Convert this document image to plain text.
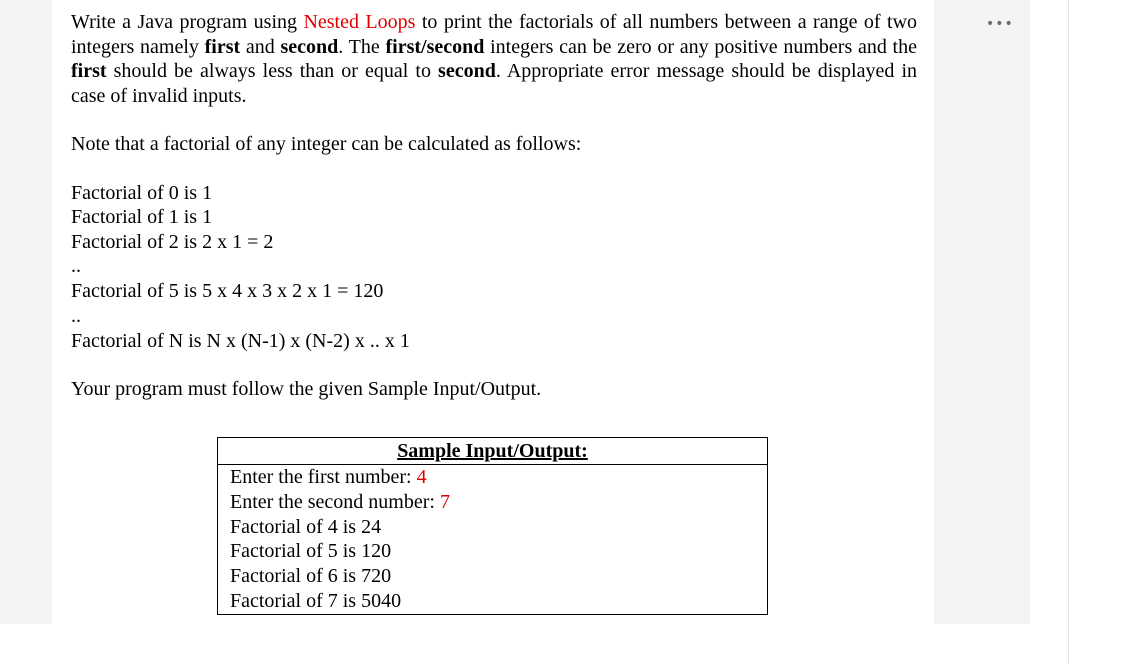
Write a Java program using Nested Loops to print the factorials of all numbers between a range of two integers namely first and second. The first/second integers can be zero or any positive numbers and the first should be always less than or equal to second. Appropriate error message should be displayed in case of invalid inputs.

Note that a factorial of any integer can be calculated as follows:

Factorial of 0 is 1

Factorial of 1 is 1

Factorial of 2 is 2 x 1 = 2

..

Factorial of 5 is 5 x 4 x 3 x 2 x 1 = 120

..

Factorial of N is N x (N-1) x (N-2) x .. x 1

Your program must follow the given Sample Input/Output.

Sample Input/Output:
Enter the first number: 4
Enter the second number: 7
Factorial of 4 is 24
Factorial of 5 is 120
Factorial of 6 is 720
Factorial of 7 is 5040
•••
